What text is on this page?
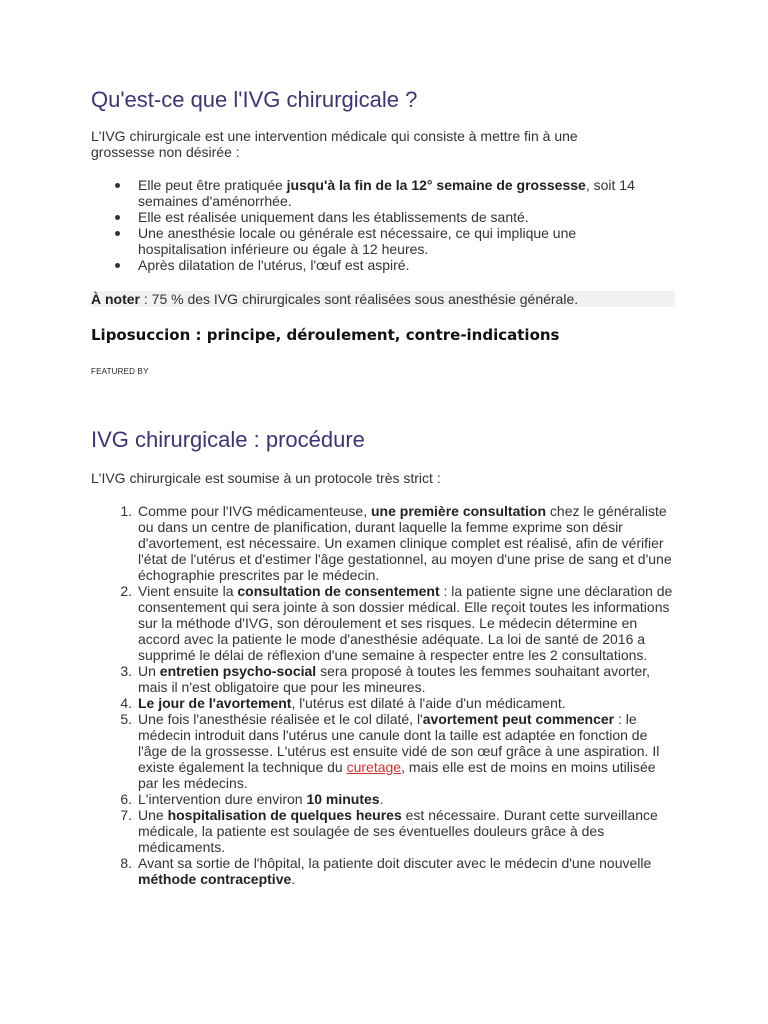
Qu'est-ce que l'IVG chirurgicale ?

L'IVG chirurgicale est une intervention médicale qui consiste à mettre fin à une grossesse non désirée :

Elle peut être pratiquée jusqu'à la fin de la 12° semaine de grossesse, soit 14 semaines d'aménorrhée.
Elle est réalisée uniquement dans les établissements de santé.
Une anesthésie locale ou générale est nécessaire, ce qui implique une hospitalisation inférieure ou égale à 12 heures.
Après dilatation de l'utérus, l'œuf est aspiré.
À noter : 75 % des IVG chirurgicales sont réalisées sous anesthésie générale.
Liposuccion : principe, déroulement, contre-indications
FEATURED BY
IVG chirurgicale : procédure

L'IVG chirurgicale est soumise à un protocole très strict :

1. Comme pour l'IVG médicamenteuse, une première consultation chez le généraliste ou dans un centre de planification, durant laquelle la femme exprime son désir d'avortement, est nécessaire. Un examen clinique complet est réalisé, afin de vérifier l'état de l'utérus et d'estimer l'âge gestationnel, au moyen d'une prise de sang et d'une échographie prescrites par le médecin.
2. Vient ensuite la consultation de consentement : la patiente signe une déclaration de consentement qui sera jointe à son dossier médical. Elle reçoit toutes les informations sur la méthode d'IVG, son déroulement et ses risques. Le médecin détermine en accord avec la patiente le mode d'anesthésie adéquate. La loi de santé de 2016 a supprimé le délai de réflexion d'une semaine à respecter entre les 2 consultations.
3. Un entretien psycho-social sera proposé à toutes les femmes souhaitant avorter, mais il n'est obligatoire que pour les mineures.
4. Le jour de l'avortement, l'utérus est dilaté à l'aide d'un médicament.
5. Une fois l'anesthésie réalisée et le col dilaté, l'avortement peut commencer : le médecin introduit dans l'utérus une canule dont la taille est adaptée en fonction de l'âge de la grossesse. L'utérus est ensuite vidé de son œuf grâce à une aspiration. Il existe également la technique du curetage, mais elle est de moins en moins utilisée par les médecins.
6. L'intervention dure environ 10 minutes.
7. Une hospitalisation de quelques heures est nécessaire. Durant cette surveillance médicale, la patiente est soulagée de ses éventuelles douleurs grâce à des médicaments.
8. Avant sa sortie de l'hôpital, la patiente doit discuter avec le médecin d'une nouvelle méthode contraceptive.
